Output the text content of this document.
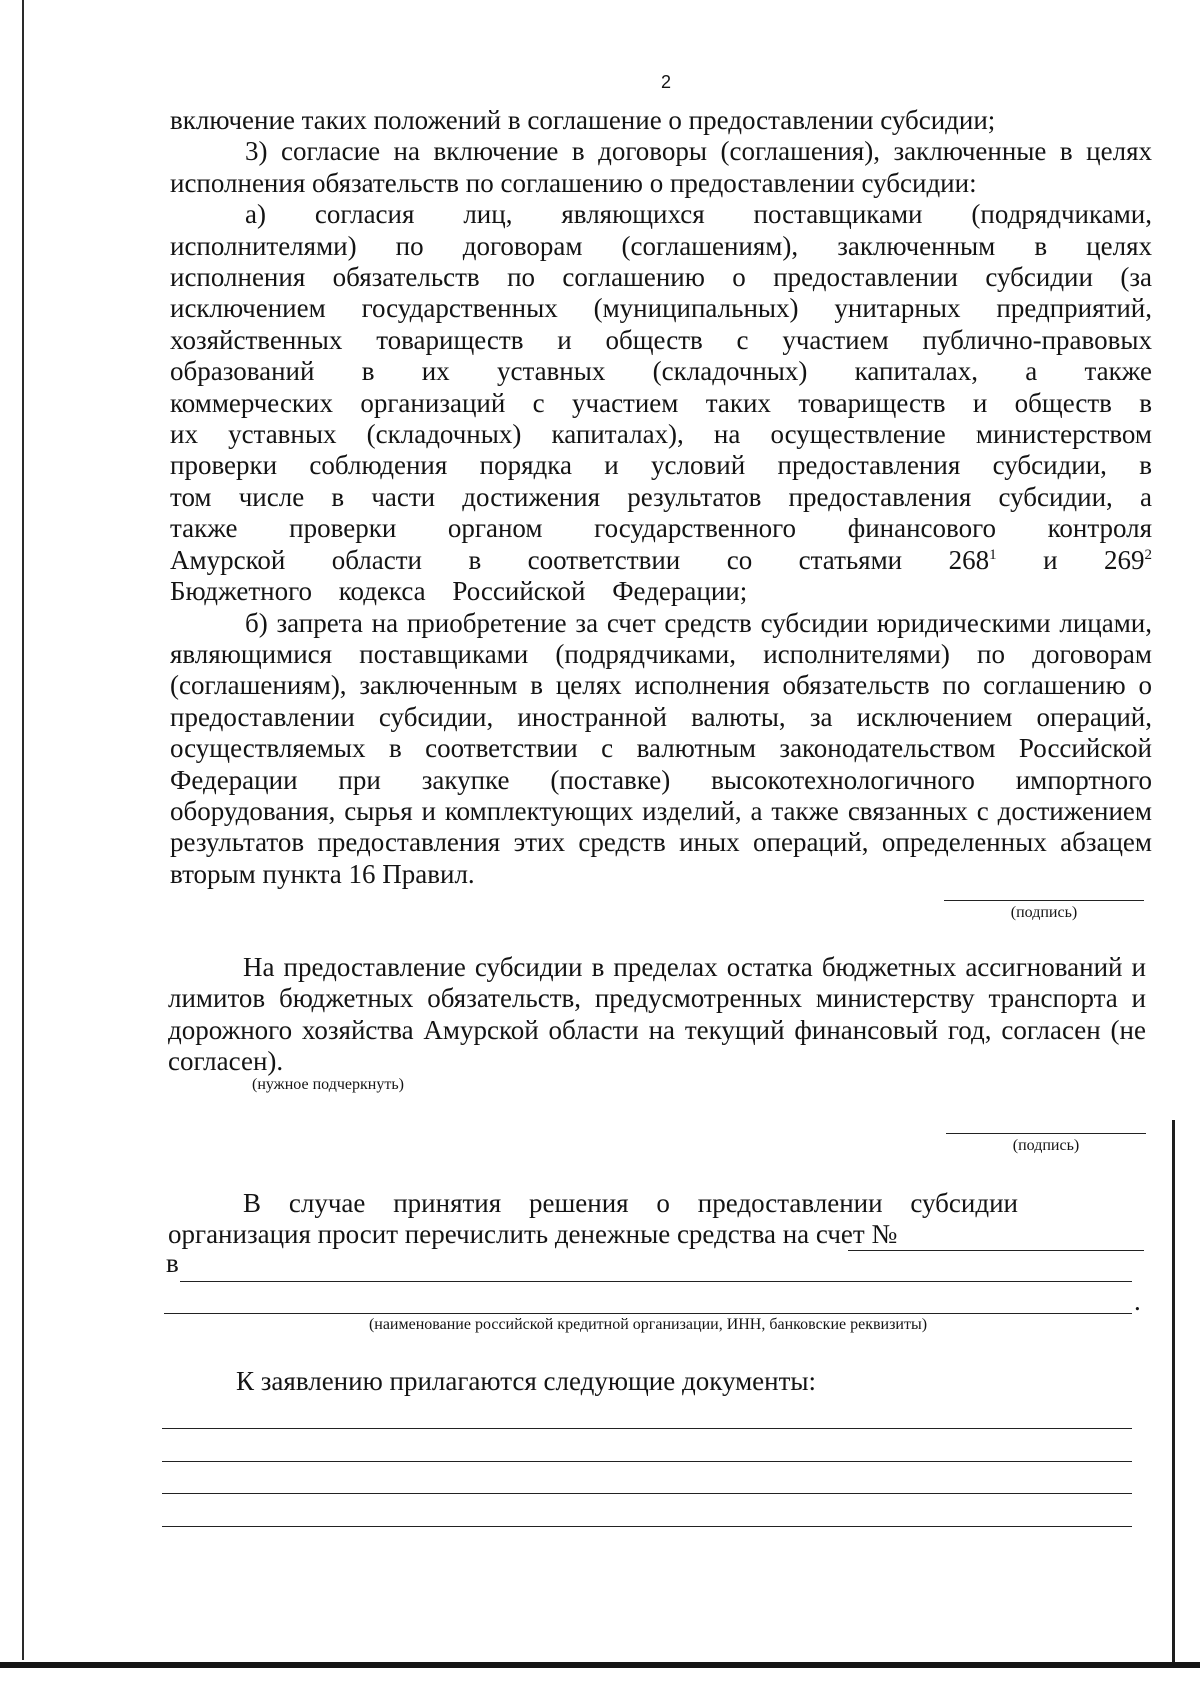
2

включение таких положений в соглашение о предоставлении субсидии;

3) согласие на включение в договоры (соглашения), заключенные в целях исполнения обязательств по соглашению о предоставлении субсидии:

а) согласия лиц, являющихся поставщиками (подрядчиками, исполнителями) по договорам (соглашениям), заключенным в целях исполнения обязательств по соглашению о предоставлении субсидии (за исключением государственных (муниципальных) унитарных предприятий, хозяйственных товариществ и обществ с участием публично-правовых образований в их уставных (складочных) капиталах, а также коммерческих организаций с участием таких товариществ и обществ в их уставных (складочных) капиталах), на осуществление министерством проверки соблюдения порядка и условий предоставления субсидии, в том числе в части достижения результатов предоставления субсидии, а также проверки органом государственного финансового контроля Амурской области в соответствии со статьями $268^1$ и $269^2$ Бюджетного кодекса Российской Федерации;

б) запрета на приобретение за счет средств субсидии юридическими лицами, являющимися поставщиками (подрядчиками, исполнителями) по договорам (соглашениям), заключенным в целях исполнения обязательств по соглашению о предоставлении субсидии, иностранной валюты, за исключением операций, осуществляемых в соответствии с валютным законодательством Российской Федерации при закупке (поставке) высокотехнологичного импортного оборудования, сырья и комплектующих изделий, а также связанных с достижением результатов предоставления этих средств иных операций, определенных абзацем вторым пункта 16 Правил.

(подпись)

На предоставление субсидии в пределах остатка бюджетных ассигнований и лимитов бюджетных обязательств, предусмотренных министерству транспорта и дорожного хозяйства Амурской области на текущий финансовый год, согласен (не согласен).

(нужное подчеркнуть)
(подпись)

В случае принятия решения о предоставлении субсидии организация просит перечислить денежные средства на счет №

в
.
(наименование российской кредитной организации, ИНН, банковские реквизиты)
К заявлению прилагаются следующие документы:
